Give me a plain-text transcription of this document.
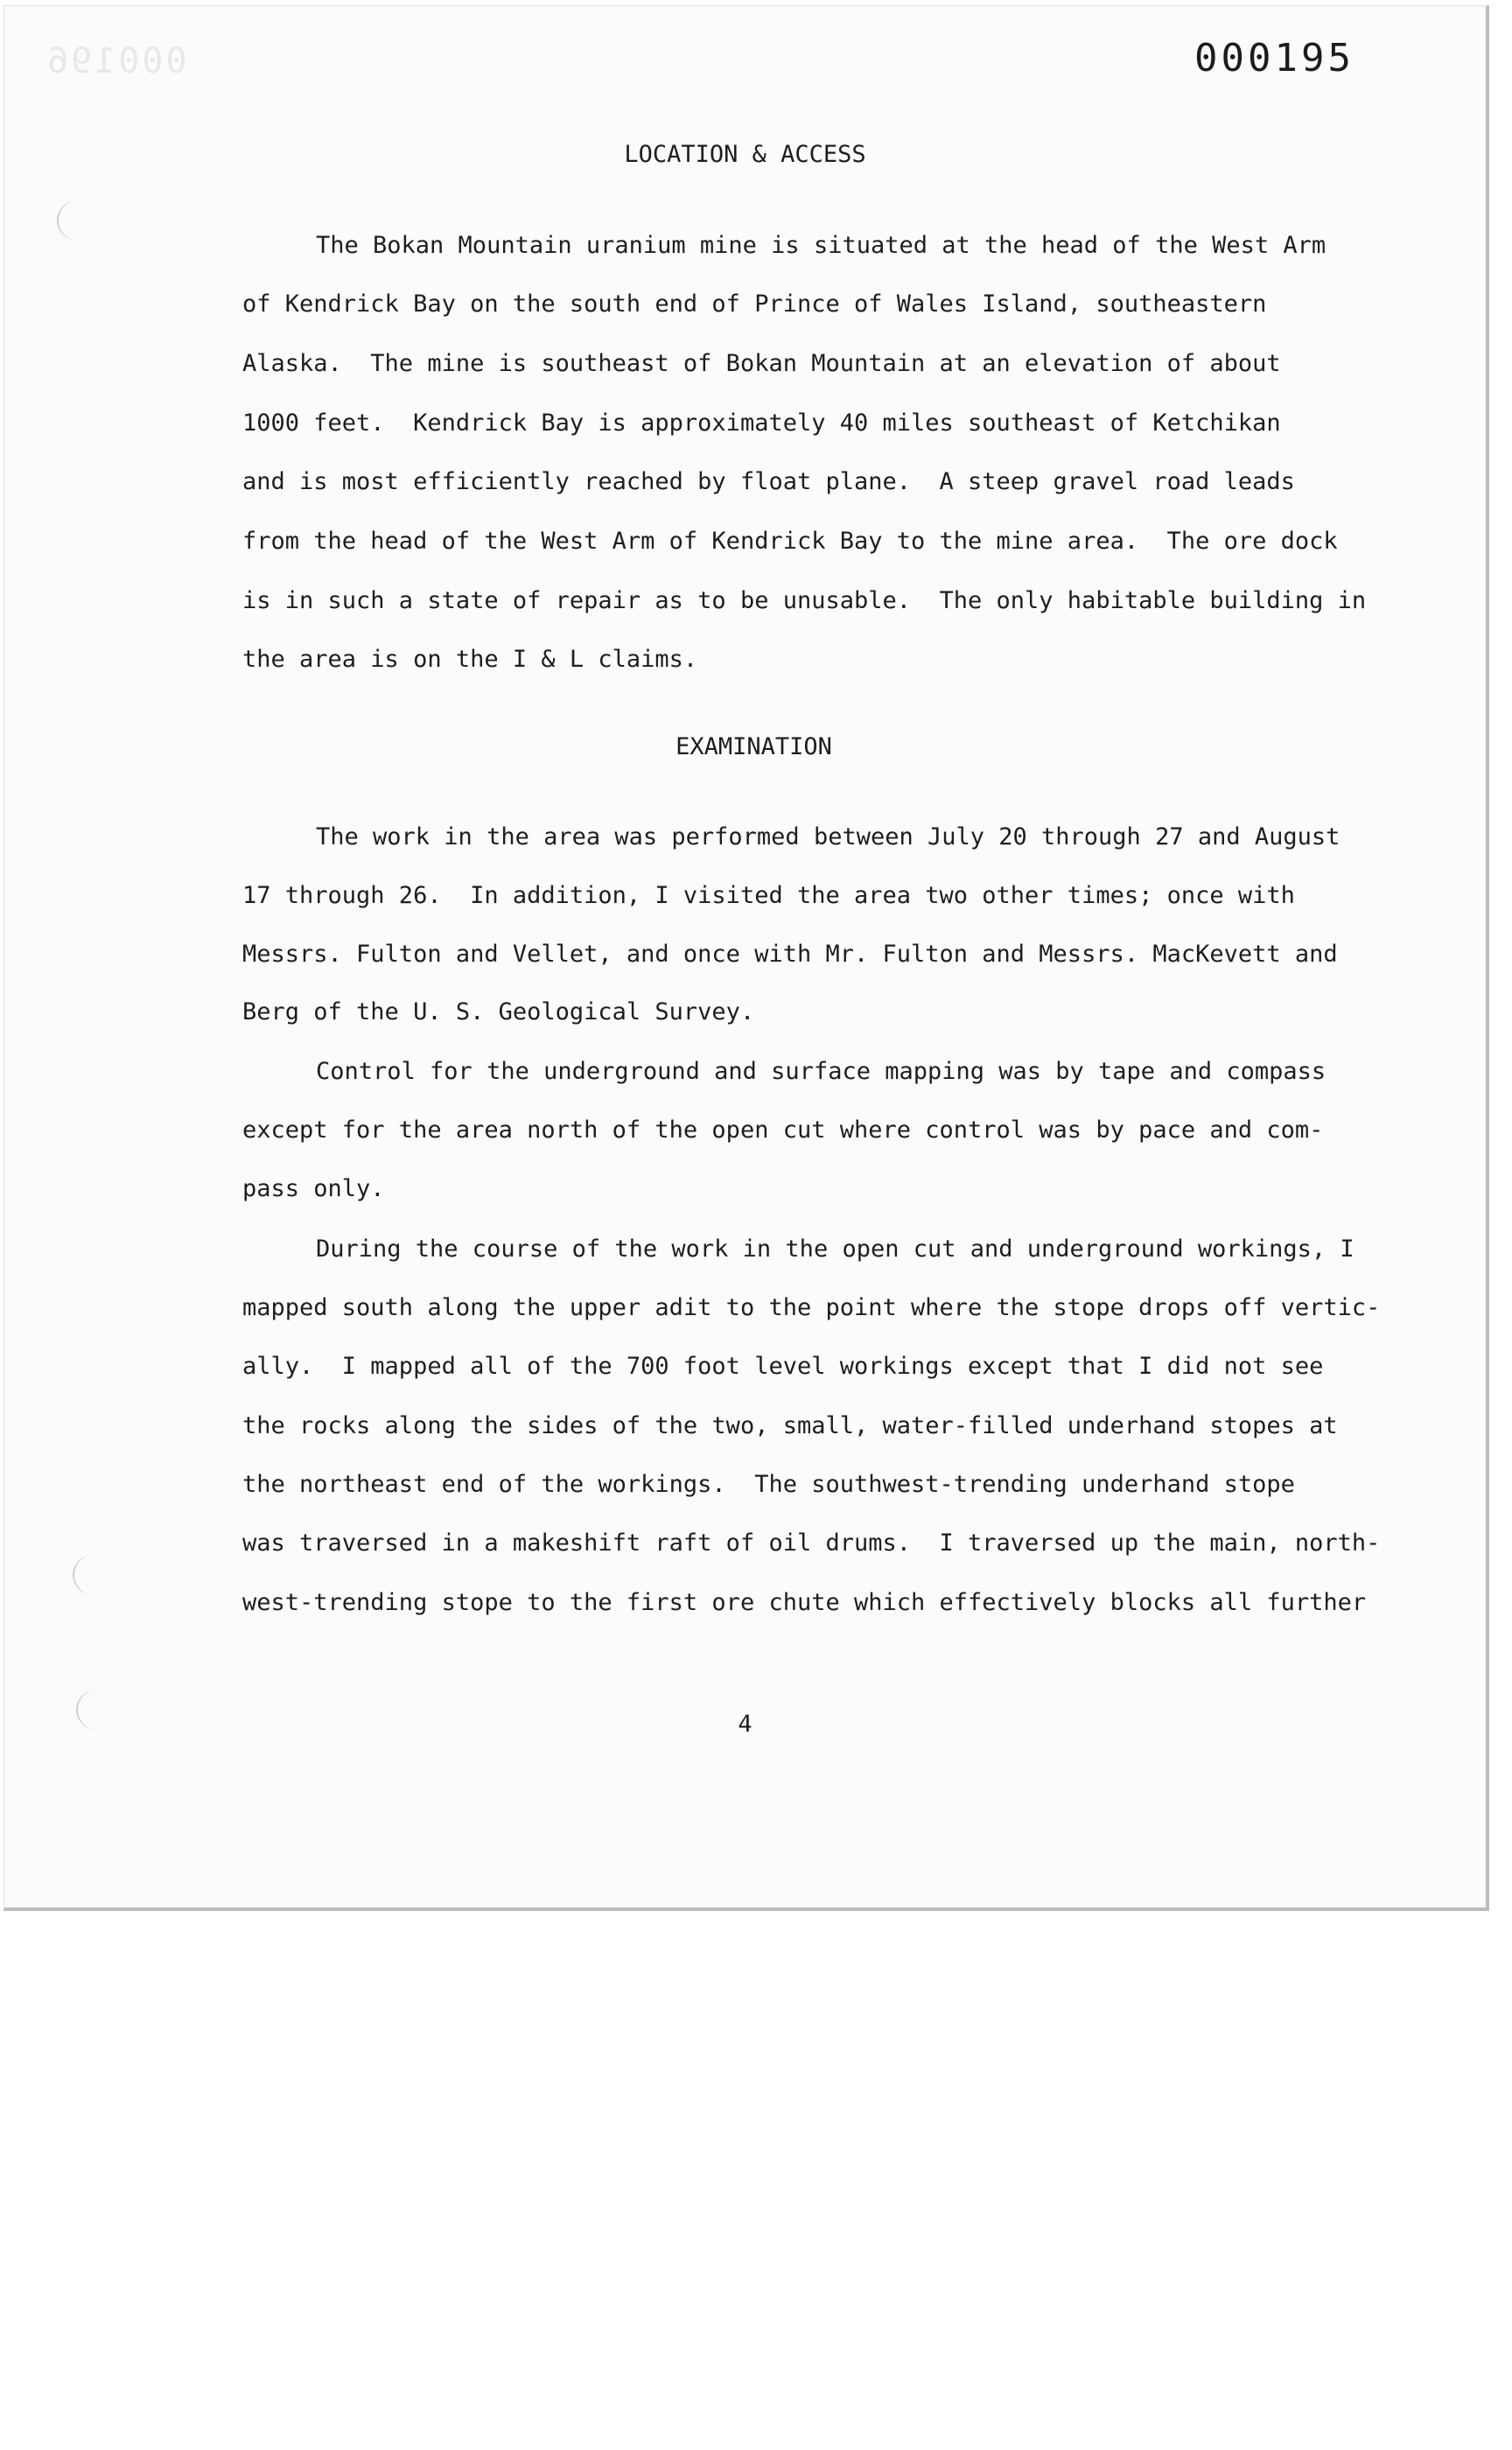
000196	000195
LOCATION & ACCESS
The Bokan Mountain uranium mine is situated at the head of the West Arm
of Kendrick Bay on the south end of Prince of Wales Island, southeastern
Alaska.  The mine is southeast of Bokan Mountain at an elevation of about
1000 feet.  Kendrick Bay is approximately 40 miles southeast of Ketchikan
and is most efficiently reached by float plane.  A steep gravel road leads
from the head of the West Arm of Kendrick Bay to the mine area.  The ore dock
is in such a state of repair as to be unusable.  The only habitable building in
the area is on the I & L claims.
EXAMINATION
The work in the area was performed between July 20 through 27 and August
17 through 26.  In addition, I visited the area two other times; once with
Messrs. Fulton and Vellet, and once with Mr. Fulton and Messrs. MacKevett and
Berg of the U. S. Geological Survey.
Control for the underground and surface mapping was by tape and compass
except for the area north of the open cut where control was by pace and com-
pass only.
During the course of the work in the open cut and underground workings, I
mapped south along the upper adit to the point where the stope drops off vertic-
ally.  I mapped all of the 700 foot level workings except that I did not see
the rocks along the sides of the two, small, water-filled underhand stopes at
the northeast end of the workings.  The southwest-trending underhand stope
was traversed in a makeshift raft of oil drums.  I traversed up the main, north-
west-trending stope to the first ore chute which effectively blocks all further
4
